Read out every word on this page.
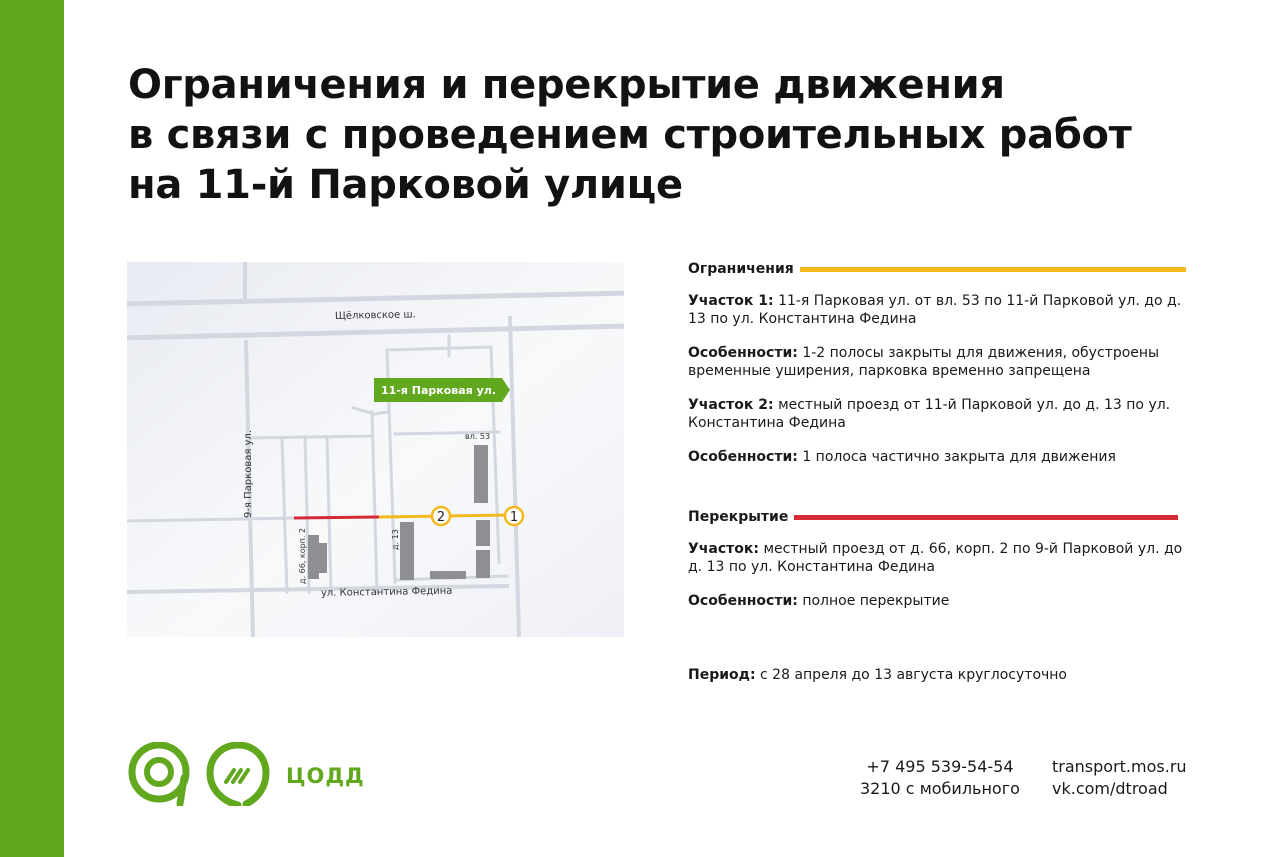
Ограничения и перекрытие движения
в связи с проведением строительных работ
на 11-й Парковой улице
2	1
11-я Парковая ул.
Щёлковское ш.
9-я Парковая ул.
ул. Константина Федина
вл. 53
д. 13
д. 66, корп. 2
Ограничения

Участок 1: 11-я Парковая ул. от вл. 53 по 11-й Парковой ул. до д. 13 по ул. Константина Федина

Особенности: 1-2 полосы закрыты для движения, обустроены временные уширения, парковка временно запрещена

Участок 2: местный проезд от 11-й Парковой ул. до д. 13 по ул. Константина Федина

Особенности: 1 полоса частично закрыта для движения

Перекрытие

Участок: местный проезд от д. 66, корп. 2 по 9-й Парковой ул. до д. 13 по ул. Константина Федина

Особенности: полное перекрытие

Период: с 28 апреля до 13 августа круглосуточно
ЦОДД	+7 495 539-54-54
3210 с мобильного
transport.mos.ru
vk.com/dtroad
